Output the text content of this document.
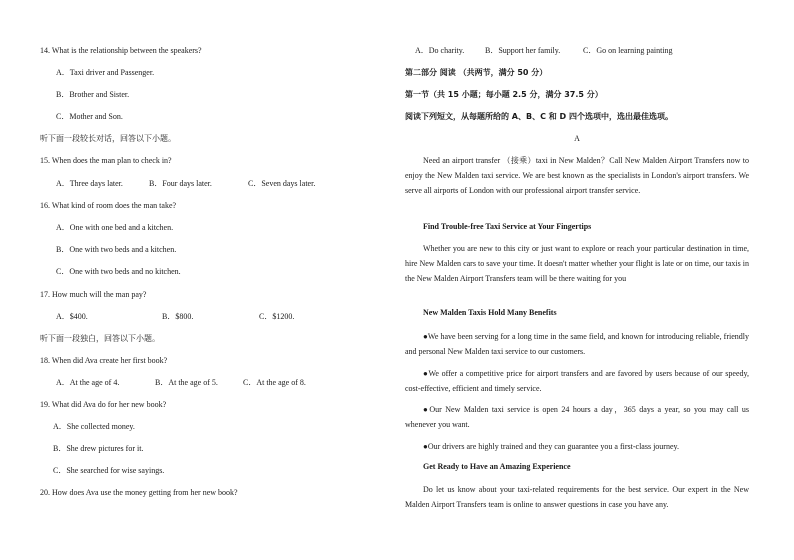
14. What is the relationship between the speakers?
A．Taxi driver and Passenger.
B．Brother and Sister.
C．Mother and Son.
听下面一段较长对话，回答以下小题。
15. When does the man plan to check in?
A．Three days later.	B．Four days later.	C．Seven days later.
16. What kind of room does the man take?
A．One with one bed and a kitchen.
B．One with two beds and a kitchen.
C．One with two beds and no kitchen.
17. How much will the man pay?
A．$400.	B．$800.	C．$1200.
听下面一段独白，回答以下小题。
18. When did Ava create her first book?
A．At the age of 4.	B．At the age of 5.	C．At the age of 8.
19. What did Ava do for her new book?
A．She collected money.
B．She drew pictures for it.
C．She searched for wise sayings.
20. How does Ava use the money getting from her new book?
A．Do charity.	B．Support her family.	C．Go on learning painting
第二部分 阅读 （共两节，满分 50 分）
第一节（共 15 小题；每小题 2.5 分，满分 37.5 分）
阅读下列短文，从每题所给的 A、B、C 和 D 四个选项中，选出最佳选项。
A
Need an airport transfer （接乘）taxi in New Malden？Call New Malden Airport Transfers now to enjoy the New Malden taxi service. We are best known as the specialists in London's airport transfers. We serve all airports of London with our professional airport transfer service.
Find Trouble-free Taxi Service at Your Fingertips
Whether you are new to this city or just want to explore or reach your particular destination in time, hire New Malden cars to save your time. It doesn't matter whether your flight is late or on time, our taxis in the New Malden Airport Transfers team will be there waiting for you
New Malden Taxis Hold Many Benefits
●We have been serving for a long time in the same field, and known for introducing reliable, friendly and personal New Malden taxi service to our customers.
●We offer a competitive price for airport transfers and are favored by users because of our speedy, cost-effective, efficient and timely service.
●Our New Malden taxi service is open 24 hours a day，365 days a year, so you may call us whenever you want.
●Our drivers are highly trained and they can guarantee you a first-class journey.
Get Ready to Have an Amazing Experience
Do let us know about your taxi-related requirements for the best service. Our expert in the New Malden Airport Transfers team is online to answer questions in case you have any.
